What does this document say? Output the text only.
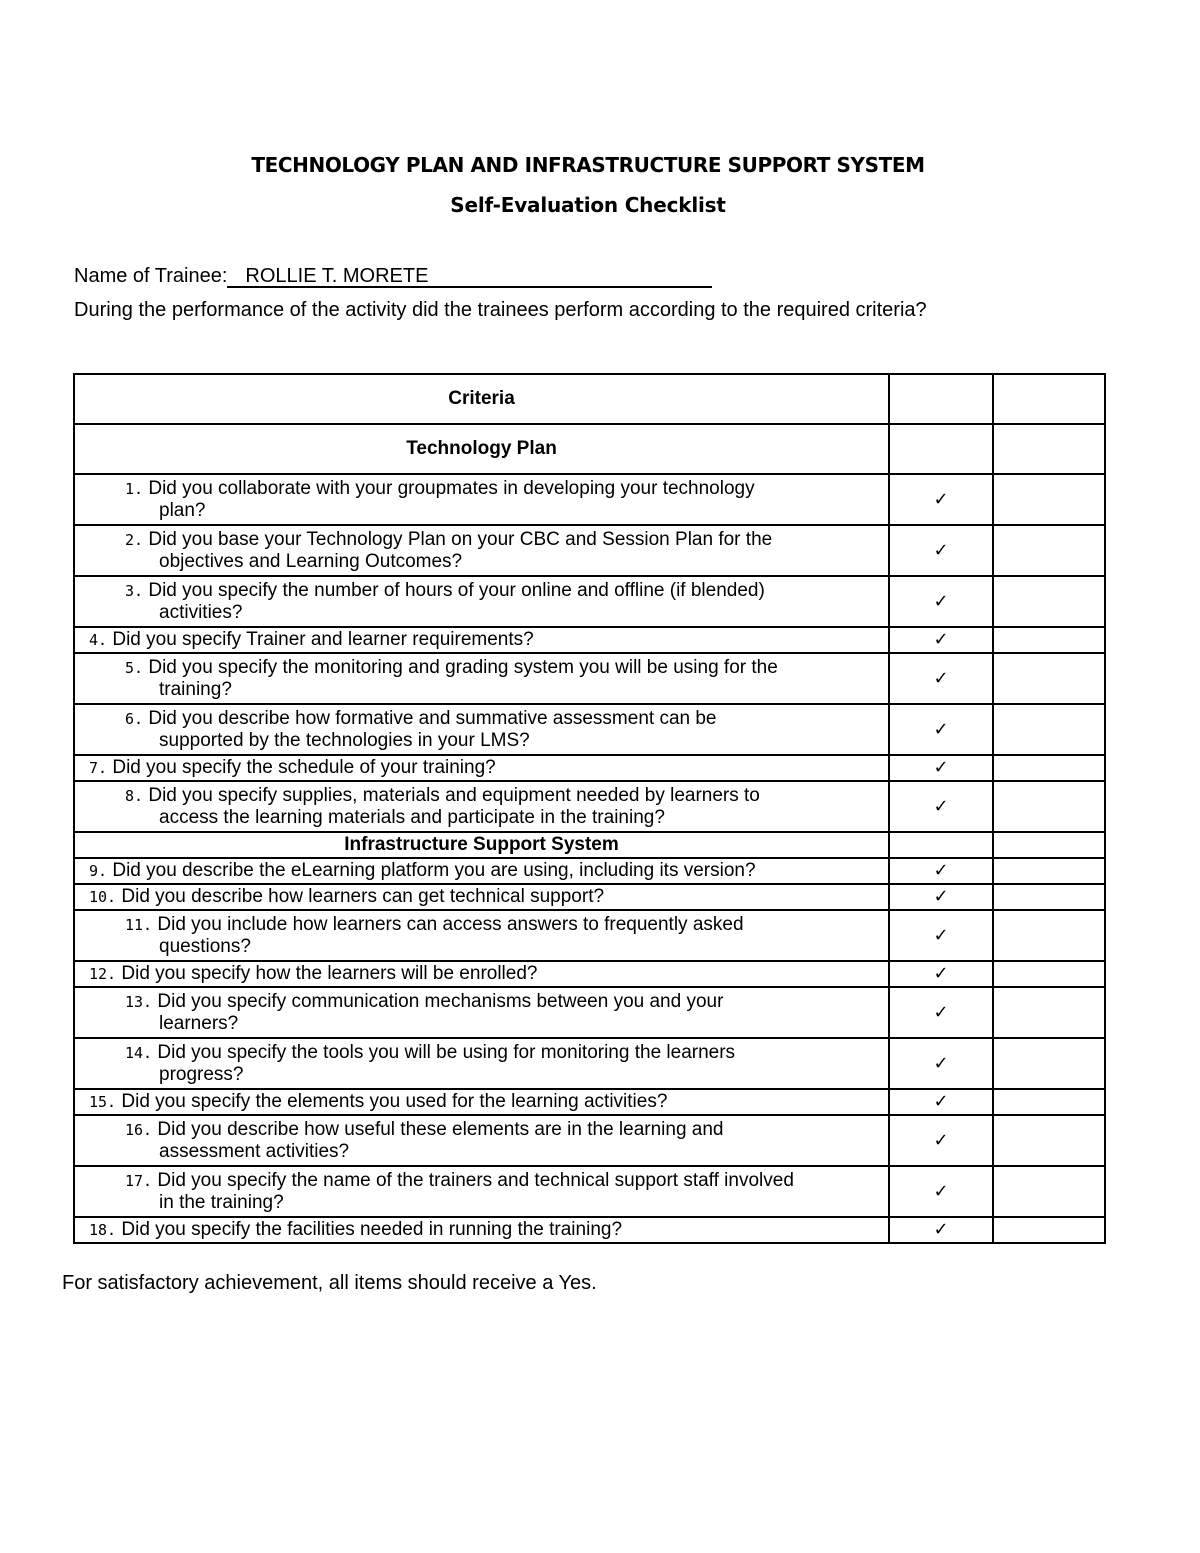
TECHNOLOGY PLAN AND INFRASTRUCTURE SUPPORT SYSTEM
Self-Evaluation Checklist
Name of Trainee: ROLLIE T. MORETE
During the performance of the activity did the trainees perform according to the required criteria?
Criteria		
Technology Plan		

1. Did you collaborate with your groupmates in developing your technology
plan?	✓	

2. Did you base your Technology Plan on your CBC and Session Plan for the
objectives and Learning Outcomes?	✓	

3. Did you specify the number of hours of your online and offline (if blended)
activities?	✓	

4. Did you specify Trainer and learner requirements?	✓	

5. Did you specify the monitoring and grading system you will be using for the
training?	✓	

6. Did you describe how formative and summative assessment can be
supported by the technologies in your LMS?	✓	

7. Did you specify the schedule of your training?	✓	

8. Did you specify supplies, materials and equipment needed by learners to
access the learning materials and participate in the training?	✓	
Infrastructure Support System		

9. Did you describe the eLearning platform you are using, including its version?	✓	

10. Did you describe how learners can get technical support?	✓	

11. Did you include how learners can access answers to frequently asked
questions?	✓	

12. Did you specify how the learners will be enrolled?	✓	

13. Did you specify communication mechanisms between you and your
learners?	✓	

14. Did you specify the tools you will be using for monitoring the learners
progress?	✓	

15. Did you specify the elements you used for the learning activities?	✓	

16. Did you describe how useful these elements are in the learning and
assessment activities?	✓	

17. Did you specify the name of the trainers and technical support staff involved
in the training?	✓	

18. Did you specify the facilities needed in running the training?	✓	
For satisfactory achievement, all items should receive a Yes.
